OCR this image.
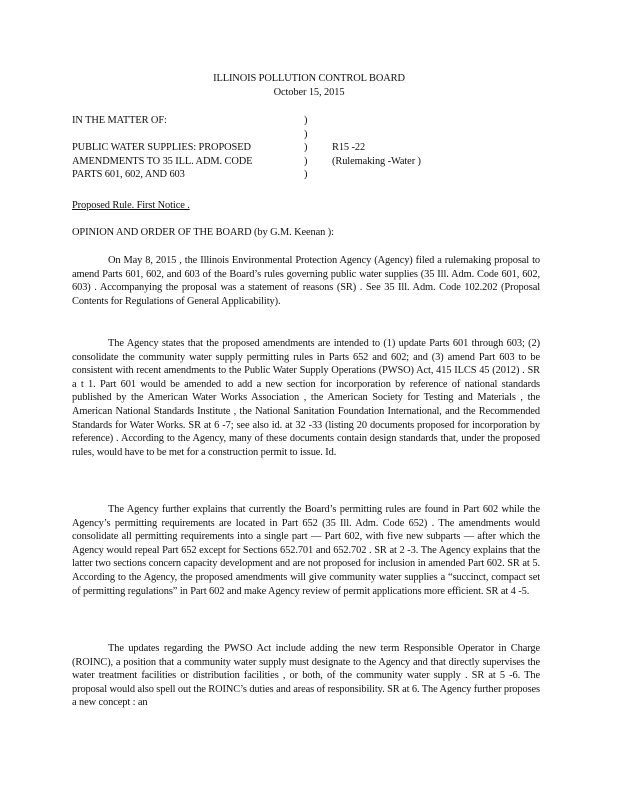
ILLINOIS POLLUTION CONTROL BOARD
October 15, 2015
IN THE MATTER OF:	)
)
PUBLIC WATER SUPPLIES: PROPOSED	)	R15 -22
AMENDMENTS TO 35 ILL. ADM. CODE	)	(Rulemaking -Water )
PARTS 601, 602, AND 603	)
Proposed Rule. First Notice .
OPINION AND ORDER OF THE BOARD (by G.M. Keenan ):

On May 8, 2015 , the Illinois Environmental Protection Agency (Agency) filed a rulemaking proposal to amend Parts 601, 602, and 603 of the Board’s rules governing public water supplies (35 Ill. Adm. Code 601, 602, 603) . Accompanying the proposal was a statement of reasons (SR) . See 35 Ill. Adm. Code 102.202 (Proposal Contents for Regulations of General Applicability).

The Agency states that the proposed amendments are intended to (1) update Parts 601 through 603; (2) consolidate the community water supply permitting rules in Parts 652 and 602; and (3) amend Part 603 to be consistent with recent amendments to the Public Water Supply Operations (PWSO) Act, 415 ILCS 45 (2012) . SR a t 1. Part 601 would be amended to add a new section for incorporation by reference of national standards published by the American Water Works Association , the American Society for Testing and Materials , the American National Standards Institute , the National Sanitation Foundation International, and the Recommended Standards for Water Works. SR at 6 -7; see also id. at 32 -33 (listing 20 documents proposed for incorporation by reference) . According to the Agency, many of these documents contain design standards that, under the proposed rules, would have to be met for a construction permit to issue. Id.

The Agency further explains that currently the Board’s permitting rules are found in Part 602 while the Agency’s permitting requirements are located in Part 652 (35 Ill. Adm. Code 652) . The amendments would consolidate all permitting requirements into a single part — Part 602, with five new subparts — after which the Agency would repeal Part 652 except for Sections 652.701 and 652.702 . SR at 2 -3. The Agency explains that the latter two sections concern capacity development and are not proposed for inclusion in amended Part 602. SR at 5. According to the Agency, the proposed amendments will give community water supplies a “succinct, compact set of permitting regulations” in Part 602 and make Agency review of permit applications more efficient. SR at 4 -5.

The updates regarding the PWSO Act include adding the new term Responsible Operator in Charge (ROINC), a position that a community water supply must designate to the Agency and that directly supervises the water treatment facilities or distribution facilities , or both, of the community water supply . SR at 5 -6. The proposal would also spell out the ROINC’s duties and areas of responsibility. SR at 6. The Agency further proposes a new concept : an
